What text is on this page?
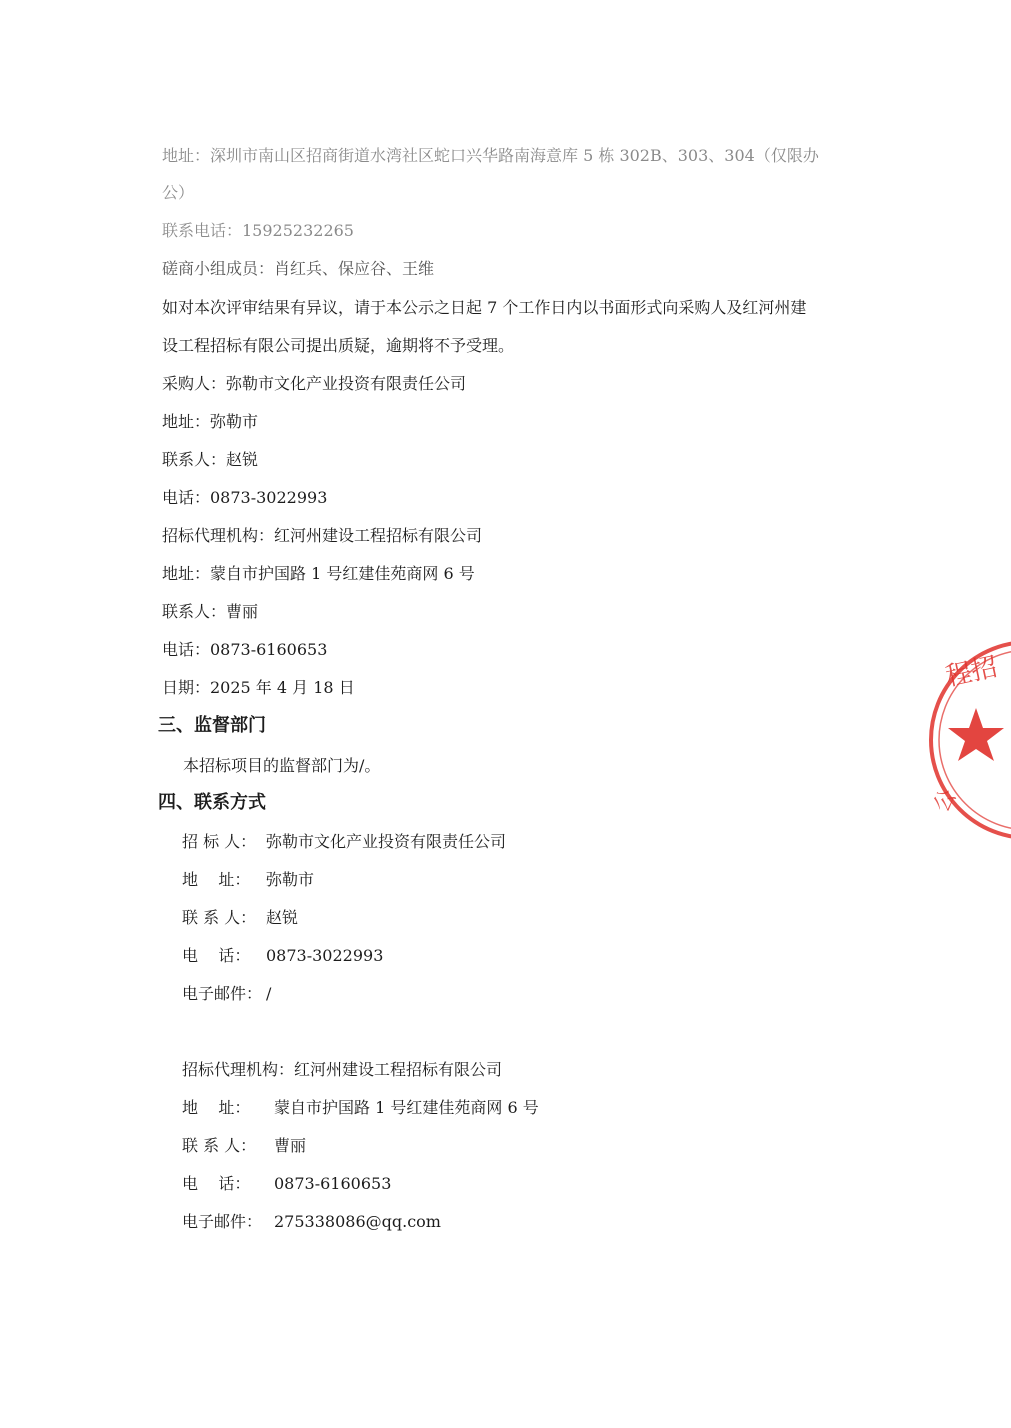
地址：深圳市南山区招商街道水湾社区蛇口兴华路南海意库 5 栋 302B、303、304（仅限办
公）
联系电话：15925232265
磋商小组成员：肖红兵、保应谷、王维
如对本次评审结果有异议，请于本公示之日起 7 个工作日内以书面形式向采购人及红河州建
设工程招标有限公司提出质疑，逾期将不予受理。
采购人：弥勒市文化产业投资有限责任公司
地址：弥勒市
联系人：赵锐
电话：0873-3022993
招标代理机构：红河州建设工程招标有限公司
地址：蒙自市护国路 1 号红建佳苑商网 6 号
联系人：曹丽
电话：0873-6160653
日期：2025 年 4 月 18 日
三、监督部门
本招标项目的监督部门为/。
四、联系方式
招 标 人： 弥勒市文化产业投资有限责任公司
地    址： 弥勒市
联 系 人： 赵锐
电    话： 0873-3022993
电子邮件： /
招标代理机构：红河州建设工程招标有限公司
地    址： 蒙自市护国路 1 号红建佳苑商网 6 号
联 系 人： 曹丽
电    话： 0873-6160653
电子邮件： 275338086@qq.com
程招
公
